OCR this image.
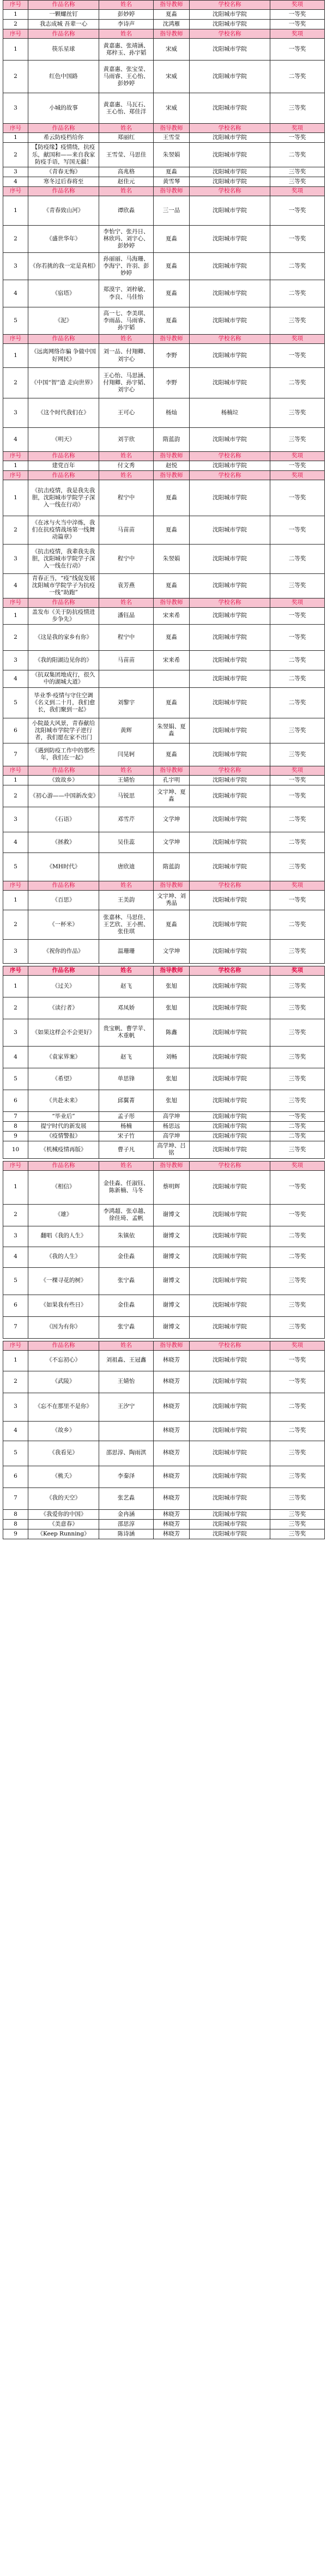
序号	作品名称	姓名	指导教师	学校名称	奖项
1	一颗螺丝钉	彭妙婷	夏淼	沈阳城市学院	一等奖
2	我志成城 吾辈一心	李诗声	沈鸿雁	沈阳城市学院	一等奖
序号	作品名称	姓名	指导教师	学校名称	奖项
1	筷乐星球	黄嘉惠、张靖涵、郑梓玉、孙宇韬	宋威	沈阳城市学院	一等奖
2	红色中国路	黄嘉惠、张宝莹、马雨睿、王心怡、彭妙婷	宋威	沈阳城市学院	二等奖
3	小城的故事	黄嘉惠、马瓦石、王心怡、郑佳洋	宋威	沈阳城市学院	三等奖
序号	作品名称	姓名	指导教师	学校名称	奖项
1	希云防疫档给你	郑丽红	王雪莹	沈阳城市学院	一等奖
2	【防疫缘】疫情绕，抗疫乐，献国和——来自我家防疫手语，写国无疆！	王雪莹、马思佳	朱翌娟	沈阳城市学院	二等奖
3	《青春无悔》	高兆格	夏淼	沈阳城市学院	三等奖
4	寒冬过后春将至	赵佳元	黄雪琴	沈阳城市学院	三等奖
序号	作品名称	姓名	指导教师	学校名称	奖项
1	《青春致山河》	谭欣淼	三一品	沈阳城市学院	一等奖
2	《盛世华年》	李怡宁、张丹日、林欣玛、刘宇心、彭妙婷	夏淼	沈阳城市学院	一等奖
3	《你若挑的我一定是真相》	孙丽丽、马海珊、李海宁、许羽、彭妙婷	夏淼	沈阳城市学院	二等奖
4	《宿塔》	郑漠宇、刘梓敏、李良、马佳怡	夏淼	沈阳城市学院	二等奖
5	《泥》	高一七、李美琪、李雨晶、马雨睿、孙宇韬	夏淼	沈阳城市学院	三等奖
序号	作品名称	姓名	指导教师	学校名称	奖项
1	《远离网络诈骗 争做中国好网民》	刘一品、付翔卿、刘宇心	李野	沈阳城市学院	一等奖
2	《中国“智”造 走向世界》	王心怡、马思涵、付翔卿、孙宇韬、刘宇心	李野	沈阳城市学院	二等奖
3	《这个时代我们在》	王可心	杨灿	杨楠垃	三等奖
4	《明天》	刘芋欣	隋蓝韵	沈阳城市学院	三等奖
序号	作品名称	姓名	指导教师	学校名称	奖项
1	建党百年	付文秀	赵悦	沈阳城市学院	一等奖
序号	作品名称	姓名	指导教师	学校名称	奖项
1	《抗击疫情，我是我先我胆，沈阳城市学院学子深入一线在行动》	程宁中	夏淼	沈阳城市学院	一等奖
2	《在冰与火当中淬炼，我们在抗疫情战场第一线舞动篇章》	马苗苗	夏淼	沈阳城市学院	一等奖
3	《抗击疫情，我辈我先我胆，沈阳城市学院学子深入一线在行动》	程宁中	朱翌娟	沈阳城市学院	二等奖
4	青春正当，“疫”线促发展 沈阳城市学院学子为抗疫一线“助跑”	袁芳燕	夏淼	沈阳城市学院	三等奖
序号	作品名称	姓名	指导教师	学校名称	奖项
1	盖发布《关于防抗疫情进步争先》	潘钰晶	宋来希	沈阳城市学院	一等奖
2	《这是我的家乡有你》	程宁中	夏淼	沈阳城市学院	一等奖
3	《我的阳湖边见你的》	马苗苗	宋来希	沈阳城市学院	二等奖
4	《抗双集团地成行，很久中的湖城大道》			沈阳城市学院	二等奖
5	毕业季·疫情与守住空调 《名义到二十月，我们愈长，我们聚到一起》	刘黎宇	夏淼	沈阳城市学院	二等奖
6	小院最大风景，青春献给沈阳城市学院学子逆行者，我们愿在家不出门	黄辉	朱翌娟、夏淼	沈阳城市学院	三等奖
7	《遇到防疫工作中的那些年，我们在一起》	闫晃轲	夏淼	沈阳城市学院	三等奖
序号	作品名称	姓名	指导教师	学校名称	奖项
1	《致故乡》	王婧怡	孔宇明	沈阳城市学院	一等奖
2	《初心游——中国新改变》	马锐思	文宇坤、夏淼	沈阳城市学院	一等奖
3	《石语》	邓雪芹	文学坤	沈阳城市学院	二等奖
4	《拯救》	吴佳蕊	文学坤	沈阳城市学院	二等奖
5	《MH时代》	唐欣迪	隋蓝韵	沈阳城市学院	三等奖
序号	作品名称	姓名	指导教师	学校名称	奖项
1	《百思》	王美韵	文宇坤、刘秀晶	沈阳城市学院	一等奖
2	《一杯米》	张嘉林、马思佳、王艺欣、王小熙、张佳琪	夏淼	沈阳城市学院	二等奖
3	《祝你的作品》	温珊珊	文学坤	沈阳城市学院	三等奖

序号	作品名称	姓名	指导教师	学校名称	奖项
1	《过关》	赵飞	张旭	沈阳城市学院	三等奖
2	《读行者》	邓凤娇	张旭	沈阳城市学院	三等奖
3	《如果这样会不会更好》	贵宝帆、曹学苹、木重帆	陈鑫	沈阳城市学院	三等奖
4	《袁家界案》	赵飞	刘畅	沈阳城市学院	三等奖
5	《希望》	单思锋	张旭	沈阳城市学院	三等奖
6	《共赴未来》	邱翼菁	张旭	沈阳城市学院	三等奖
7	“毕业后”	孟子彤	高学坤	沈阳城市学院	一等奖
8	提宁时代的新发展	杨楠	杨思远	沈阳城市学院	二等奖
9	《疫情警报》	宋子竹	高学坤	沈阳城市学院	二等奖
10	《机械疫情再版》	曹子凡	高学坤、吕铭	沈阳城市学院	三等奖

序号	作品名称	姓名	指导教师	学校名称	奖项
1	《相信》	金佳淼、任淑钰、陈新楠、马冬	蔡明辉	沈阳城市学院	一等奖
2	《雄》	李鸿超、张卓越、徐佳琦、孟帆	谢博文	沈阳城市学院	一等奖
3	翻唱《我的人生》	朱镇依	谢博文	沈阳城市学院	二等奖
4	《我的人生》	金佳淼	谢博文	沈阳城市学院	二等奖
5	《一棵寻花的树》	张宁淼	谢博文	沈阳城市学院	三等奖
6	《如果我有些日》	金佳淼	谢博文	沈阳城市学院	三等奖
7	《因为有你》	张宁淼	谢博文	沈阳城市学院	三等奖

序号	作品名称	姓名	指导教师	学校名称	奖项
1	《不忘初心》	刘祖淼、王冠鑫	林晓芳	沈阳城市学院	一等奖
2	《武陵》	王婧怡	林晓芳	沈阳城市学院	一等奖
3	《忘不在那里不是你》	王汐宁	林晓芳	沈阳城市学院	二等奖
4	《故乡》		林晓芳	沈阳城市学院	二等奖
5	《我看见》	邵思淳、陶雨淇	林晓芳	沈阳城市学院	三等奖
6	《桃夭》	李秦泽	林晓芳	沈阳城市学院	三等奖
7	《我的天空》	张艺淼	林晓芳	沈阳城市学院	三等奖
8	《我爱你的中国》	金冉涵	林晓芳	沈阳城市学院	三等奖
8	《美意春》	邵思淳	林晓芳	沈阳城市学院	三等奖
9	《Keep Running》	陈诗涵	林晓芳	沈阳城市学院	三等奖
